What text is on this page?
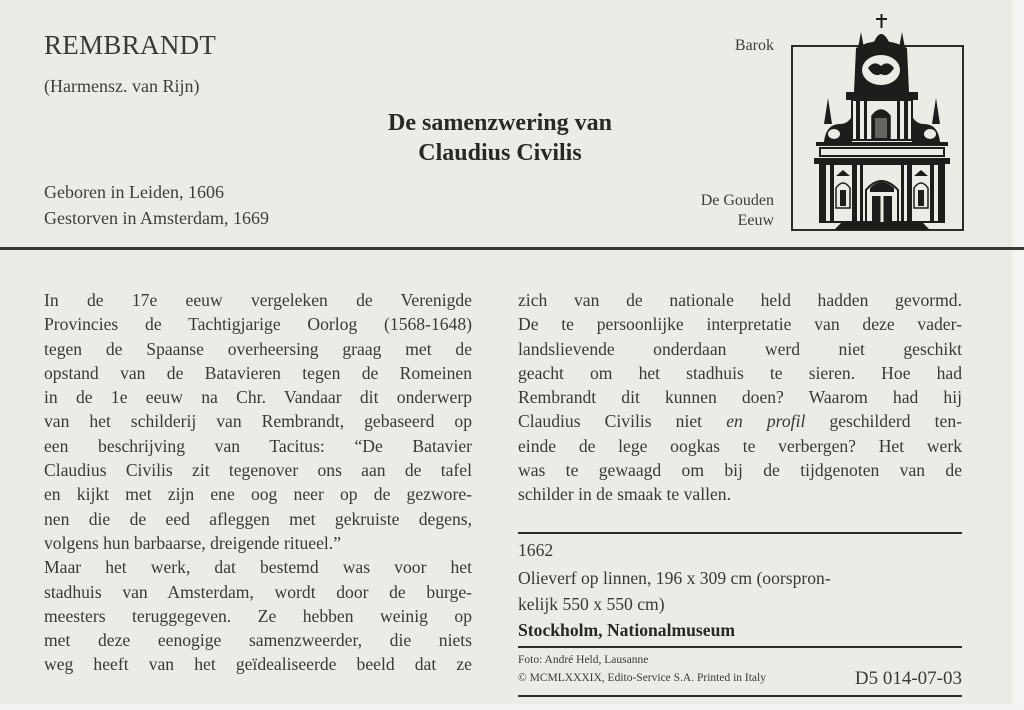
REMBRANDT
(Harmensz. van Rijn)
Geboren in Leiden, 1606
Gestorven in Amsterdam, 1669
De samenzwering van
Claudius Civilis
Barok
De Gouden
Eeuw
In de 17e eeuw vergeleken de Verenigde
Provincies de Tachtigjarige Oorlog (1568-1648)
tegen de Spaanse overheersing graag met de
opstand van de Batavieren tegen de Romeinen
in de 1e eeuw na Chr. Vandaar dit onderwerp
van het schilderij van Rembrandt, gebaseerd op
een beschrijving van Tacitus: “De Batavier
Claudius Civilis zit tegenover ons aan de tafel
en kijkt met zijn ene oog neer op de gezwore-
nen die de eed afleggen met gekruiste degens,
volgens hun barbaarse, dreigende ritueel.”
Maar het werk, dat bestemd was voor het
stadhuis van Amsterdam, wordt door de burge-
meesters teruggegeven. Ze hebben weinig op
met deze eenogige samenzweerder, die niets
weg heeft van het geïdealiseerde beeld dat ze
zich van de nationale held hadden gevormd.
De te persoonlijke interpretatie van deze vader-
landslievende onderdaan werd niet geschikt
geacht om het stadhuis te sieren. Hoe had
Rembrandt dit kunnen doen? Waarom had hij
Claudius Civilis niet en profil geschilderd ten-
einde de lege oogkas te verbergen? Het werk
was te gewaagd om bij de tijdgenoten van de
schilder in de smaak te vallen.
1662
Olieverf op linnen, 196 x 309 cm (oorspron-
kelijk 550 x 550 cm)
Stockholm, Nationalmuseum
Foto: André Held, Lausanne
© MCMLXXXIX, Edito-Service S.A. Printed in Italy	D5 014-07-03
